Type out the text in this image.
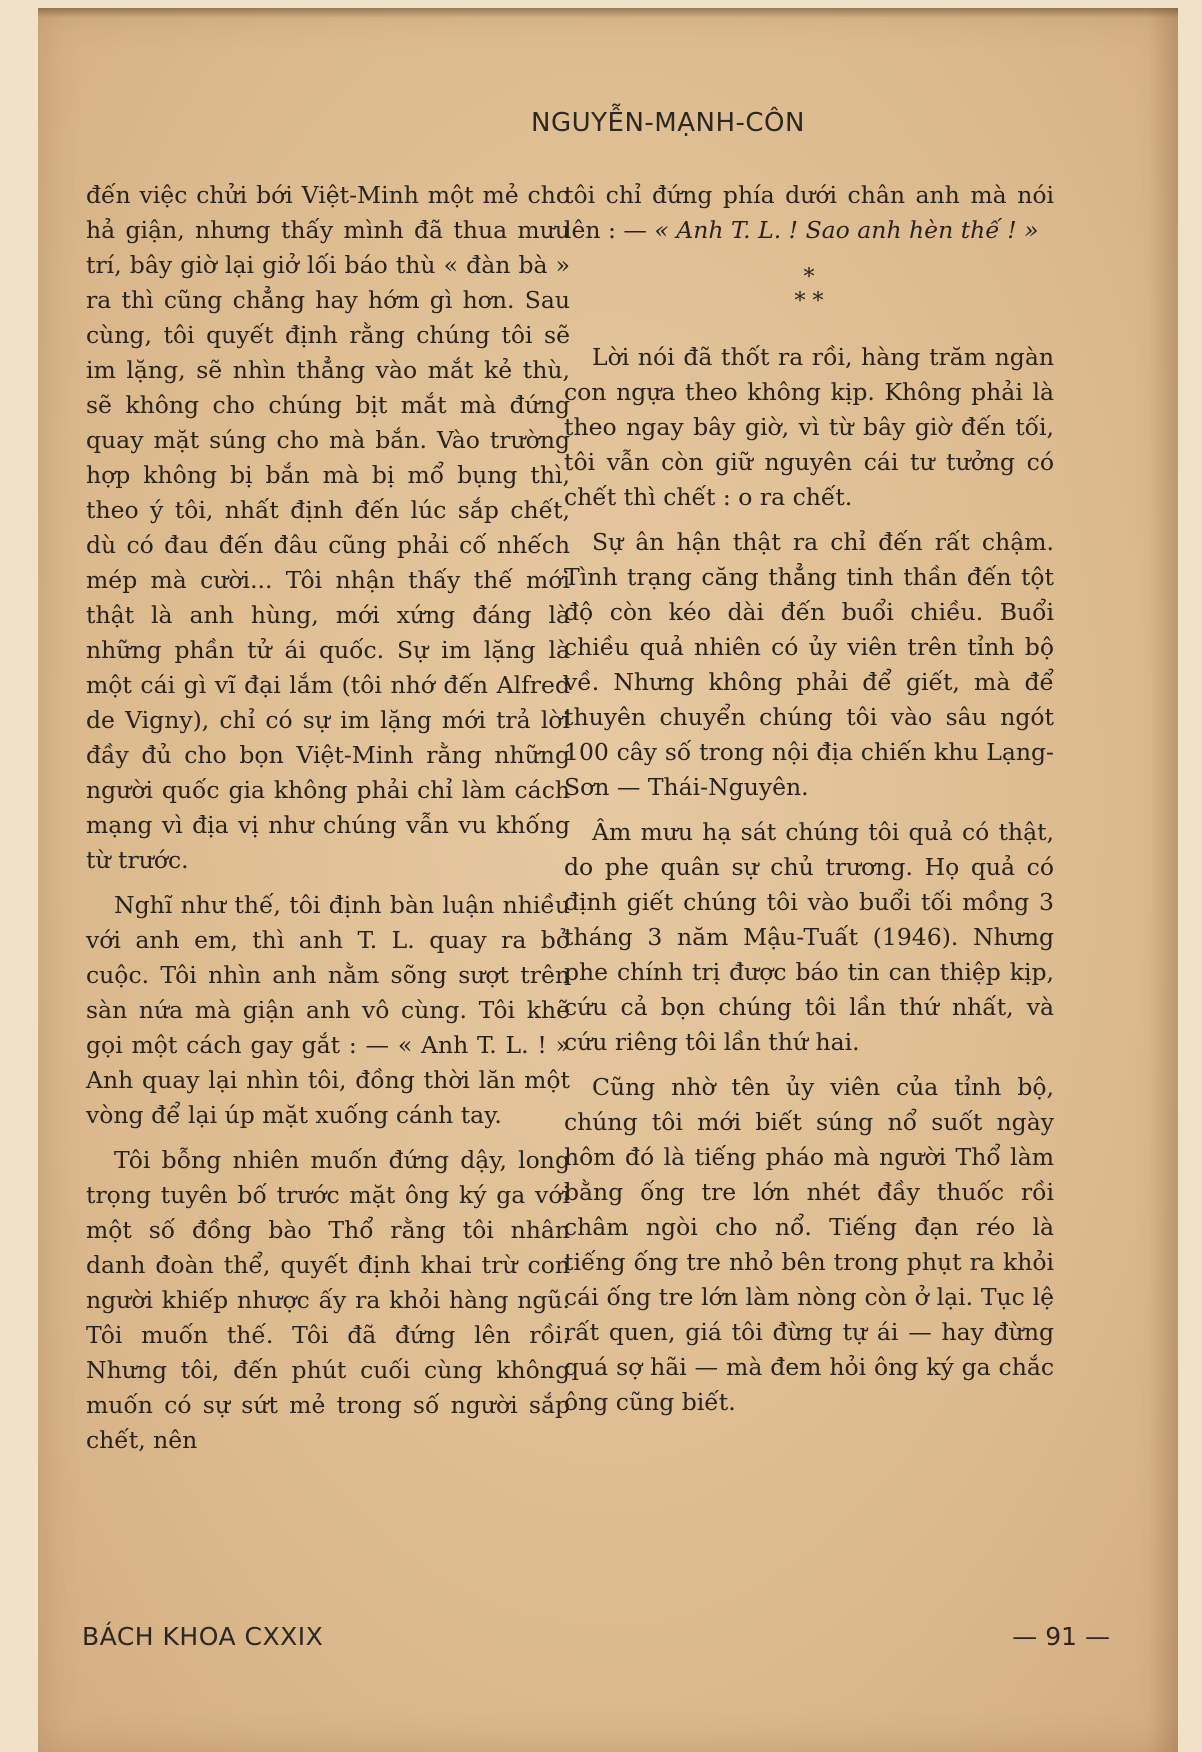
NGUYỄN-MẠNH-CÔN

đến việc chửi bới Việt-Minh một mẻ cho hả giận, nhưng thấy mình đã thua mưu trí, bây giờ lại giở lối báo thù « đàn bà » ra thì cũng chẳng hay hớm gì hơn. Sau cùng, tôi quyết định rằng chúng tôi sẽ im lặng, sẽ nhìn thẳng vào mắt kẻ thù, sẽ không cho chúng bịt mắt mà đứng quay mặt súng cho mà bắn. Vào trường hợp không bị bắn mà bị mổ bụng thì, theo ý tôi, nhất định đến lúc sắp chết, dù có đau đến đâu cũng phải cố nhếch mép mà cười... Tôi nhận thấy thế mới thật là anh hùng, mới xứng đáng là những phần tử ái quốc. Sự im lặng là một cái gì vĩ đại lắm (tôi nhớ đến Alfred de Vigny), chỉ có sự im lặng mới trả lời đầy đủ cho bọn Việt-Minh rằng những người quốc gia không phải chỉ làm cách mạng vì địa vị như chúng vẫn vu khống từ trước.

Nghĩ như thế, tôi định bàn luận nhiều với anh em, thì anh T. L. quay ra bỏ cuộc. Tôi nhìn anh nằm sõng sượt trên sàn nứa mà giận anh vô cùng. Tôi khẽ gọi một cách gay gắt : — « Anh T. L. ! » Anh quay lại nhìn tôi, đồng thời lăn một vòng để lại úp mặt xuống cánh tay.

Tôi bỗng nhiên muốn đứng dậy, long trọng tuyên bố trước mặt ông ký ga với một số đồng bào Thổ rằng tôi nhân danh đoàn thể, quyết định khai trừ con người khiếp nhược ấy ra khỏi hàng ngũ. Tôi muốn thế. Tôi đã đứng lên rồi. Nhưng tôi, đến phút cuối cùng không muốn có sự sứt mẻ trong số người sắp chết, nên

tôi chỉ đứng phía dưới chân anh mà nói lên : — « Anh T. L. ! Sao anh hèn thế ! »

*
* *

Lời nói đã thốt ra rồi, hàng trăm ngàn con ngựa theo không kịp. Không phải là theo ngay bây giờ, vì từ bây giờ đến tối, tôi vẫn còn giữ nguyên cái tư tưởng có chết thì chết : o ra chết.

Sự ân hận thật ra chỉ đến rất chậm. Tình trạng căng thẳng tinh thần đến tột độ còn kéo dài đến buổi chiều. Buổi chiều quả nhiên có ủy viên trên tỉnh bộ về. Nhưng không phải để giết, mà để thuyên chuyển chúng tôi vào sâu ngót 100 cây số trong nội địa chiến khu Lạng-Sơn — Thái-Nguyên.

Âm mưu hạ sát chúng tôi quả có thật, do phe quân sự chủ trương. Họ quả có định giết chúng tôi vào buổi tối mồng 3 tháng 3 năm Mậu-Tuất (1946). Nhưng phe chính trị được báo tin can thiệp kịp, cứu cả bọn chúng tôi lần thứ nhất, và cứu riêng tôi lần thứ hai.

Cũng nhờ tên ủy viên của tỉnh bộ, chúng tôi mới biết súng nổ suốt ngày hôm đó là tiếng pháo mà người Thổ làm bằng ống tre lớn nhét đầy thuốc rồi châm ngòi cho nổ. Tiếng đạn réo là tiếng ống tre nhỏ bên trong phụt ra khỏi cái ống tre lớn làm nòng còn ở lại. Tục lệ rất quen, giá tôi đừng tự ái — hay đừng quá sợ hãi — mà đem hỏi ông ký ga chắc ông cũng biết.

BÁCH KHOA CXXIX	— 91 —
